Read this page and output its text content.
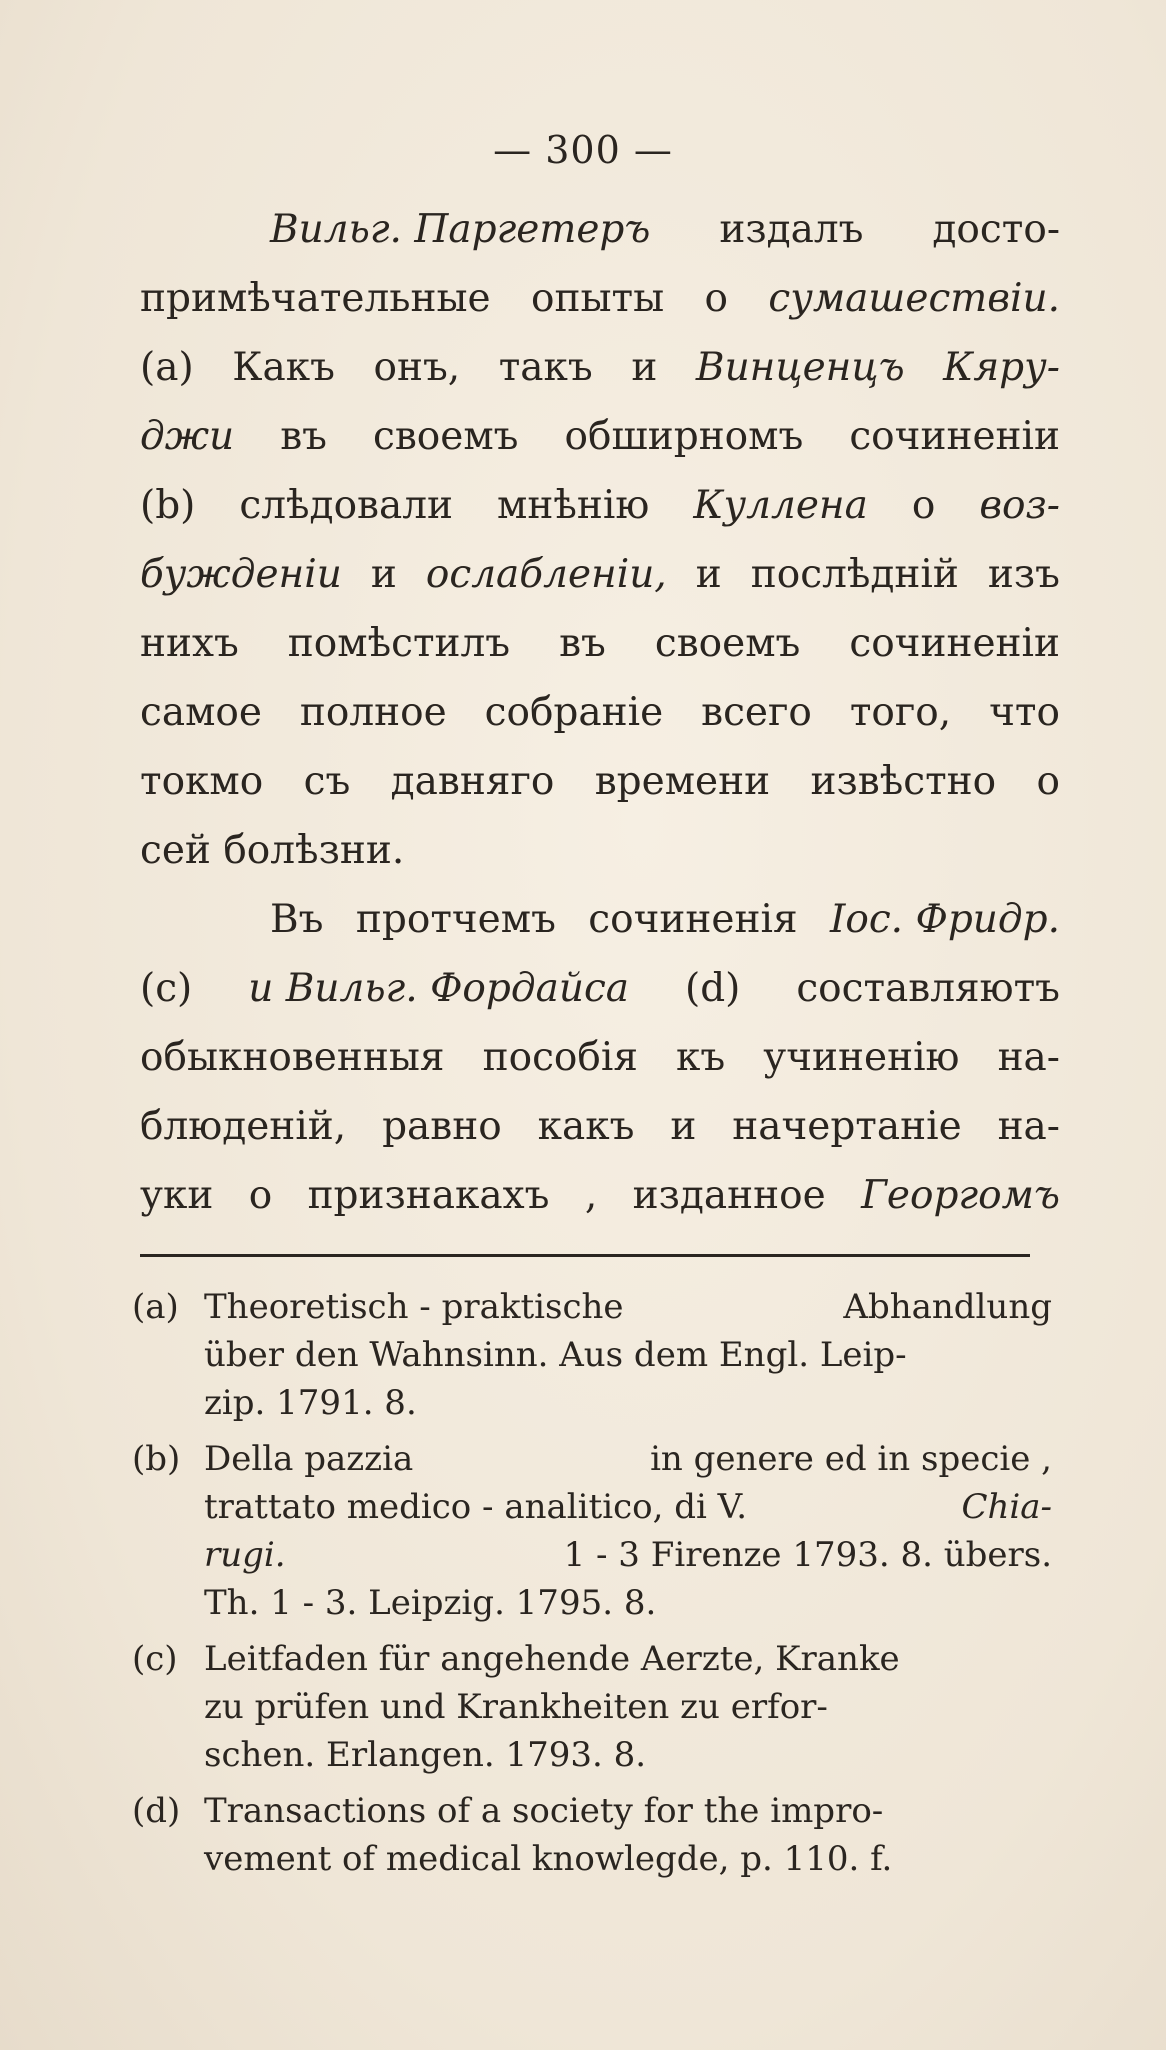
— 300 —
Вильг. Паргетеръ издалъ досто-
примѣчательные опыты о сумашествіи.
(a) Какъ онъ, такъ и Винценцъ Кяру-
джи въ своемъ обширномъ сочиненіи
(b) слѣдовали мнѣнію Куллена о воз-
бужденіи и ослабленіи, и послѣдній изъ
нихъ помѣстилъ въ своемъ сочиненіи
самое полное собраніе всего того, что
токмо съ давняго времени извѣстно о
сей болѣзни.
Въ протчемъ сочиненія Іос. Фридр.
(c) и Вильг. Фордайса (d) составляютъ
обыкновенныя пособія къ учиненію на-
блюденій, равно какъ и начертаніе на-
уки о признакахъ , изданное Георгомъ
(a) Theoretisch - praktische	Abhandlung
über den Wahnsinn. Aus dem Engl. Leip-
zip. 1791. 8.
(b) Della pazzia	in genere ed in specie ,
trattato medico - analitico, di V.	Chia-
rugi.	1 - 3 Firenze 1793. 8. übers.
Th. 1 - 3. Leipzig. 1795. 8.
(c) Leitfaden für angehende Aerzte, Kranke
zu prüfen und Krankheiten zu erfor-
schen. Erlangen. 1793. 8.
(d) Transactions of a society for the impro-
vement of medical knowlegde, p. 110. f.
